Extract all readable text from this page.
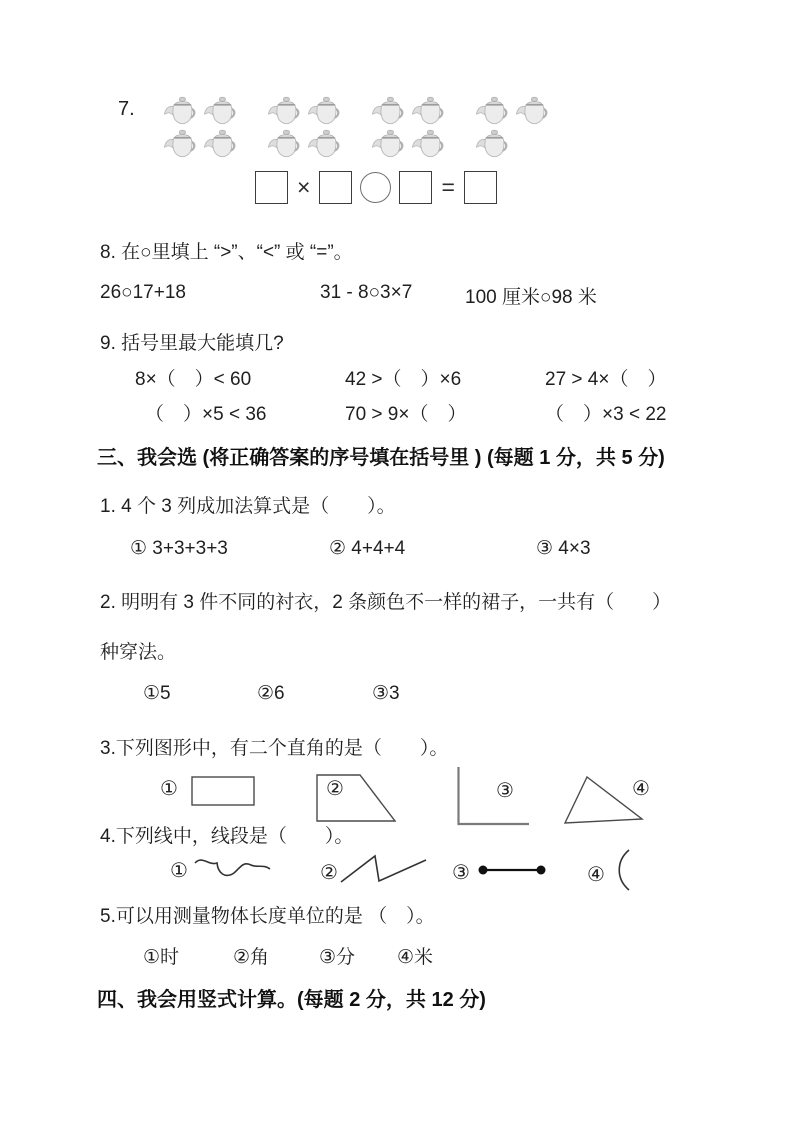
7.
×	=
8. 在○里填上 “>”、“<” 或 “=”。
26○17+18	31 - 8○3×7	100 厘米○98 米
9. 括号里最大能填几?
8×（　）< 60	42 >（　）×6	27 > 4×（　）
（　）×5 < 36	70 > 9×（　）	（　）×3 < 22
三、我会选 (将正确答案的序号填在括号里 ) (每题 1 分，共 5 分)
1. 4 个 3 列成加法算式是（　　）。
① 3+3+3+3	② 4+4+4	③ 4×3
2. 明明有 3 件不同的衬衣，2 条颜色不一样的裙子，一共有（　　）
种穿法。
①5	②6	③3
3.下列图形中，有二个直角的是（　　）。
①	②	③	④
4.下列线中，线段是（　　）。
①	②	③	④
5.可以用测量物体长度单位的是 （　）。
①时	②角	③分	④米
四、我会用竖式计算。(每题 2 分，共 12 分)
